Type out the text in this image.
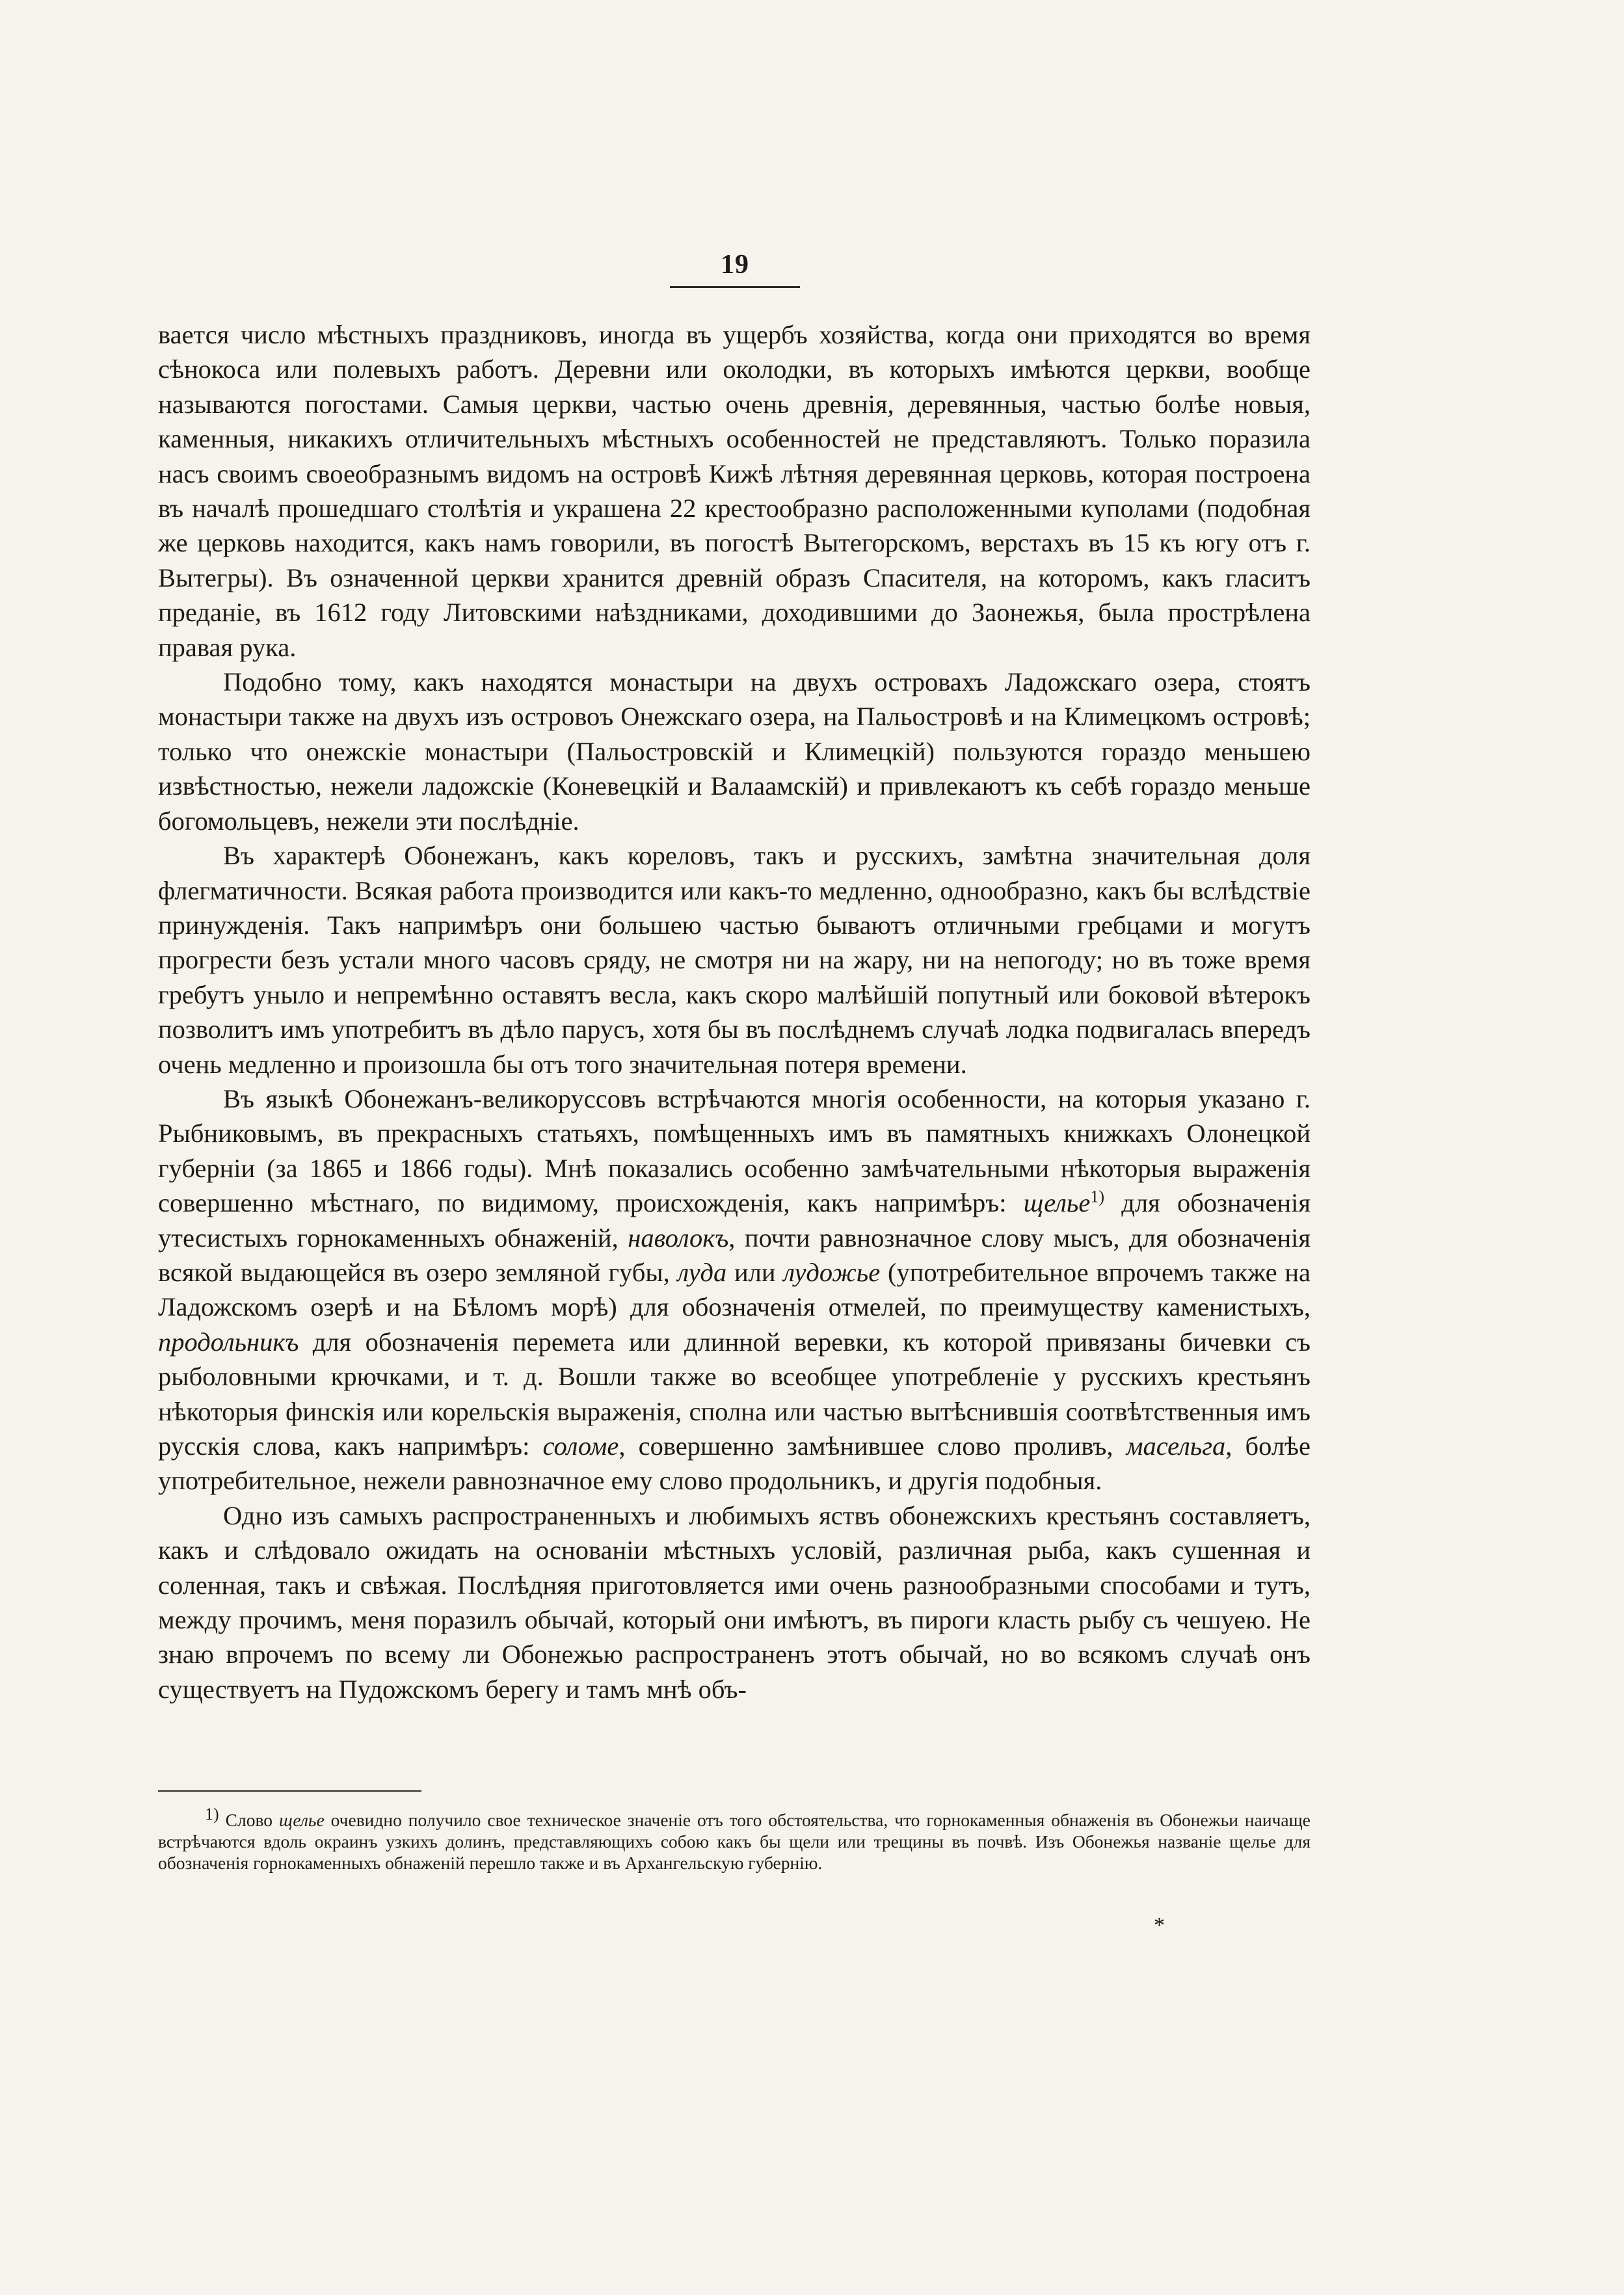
19

вается число мѣстныхъ праздниковъ, иногда въ ущербъ хозяйства, когда они приходятся во время сѣнокоса или полевыхъ работъ. Деревни или околодки, въ которыхъ имѣются церкви, вообще называются погостами. Самыя церкви, частью очень древнія, деревянныя, частью болѣе новыя, каменныя, никакихъ отличительныхъ мѣстныхъ особенностей не представляютъ. Только поразила насъ своимъ своеобразнымъ видомъ на островѣ Кижѣ лѣтняя деревянная церковь, которая построена въ началѣ прошедшаго столѣтія и украшена 22 крестообразно расположенными куполами (подобная же церковь находится, какъ намъ говорили, въ погостѣ Вытегорскомъ, верстахъ въ 15 къ югу отъ г. Вытегры). Въ означенной церкви хранится древній образъ Спасителя, на которомъ, какъ гласитъ преданіе, въ 1612 году Литовскими наѣздниками, доходившими до Заонежья, была прострѣлена правая рука.

Подобно тому, какъ находятся монастыри на двухъ островахъ Ладожскаго озера, стоятъ монастыри также на двухъ изъ островоъ Онежскаго озера, на Пальостровѣ и на Климецкомъ островѣ; только что онежскіе монастыри (Пальостровскій и Климецкій) пользуются гораздо меньшею извѣстностью, нежели ладожскіе (Коневецкій и Валаамскій) и привлекаютъ къ себѣ гораздо меньше богомольцевъ, нежели эти послѣдніе.

Въ характерѣ Обонежанъ, какъ кореловъ, такъ и русскихъ, замѣтна значительная доля флегматичности. Всякая работа производится или какъ-то медленно, однообразно, какъ бы вслѣдствіе принужденія. Такъ напримѣръ они большею частью бываютъ отличными гребцами и могутъ прогрести безъ устали много часовъ сряду, не смотря ни на жару, ни на непогоду; но въ тоже время гребутъ уныло и непремѣнно оставятъ весла, какъ скоро малѣйшій попутный или боковой вѣтерокъ позволитъ имъ употребитъ въ дѣло парусъ, хотя бы въ послѣднемъ случаѣ лодка подвигалась впередъ очень медленно и произошла бы отъ того значительная потеря времени.

Въ языкѣ Обонежанъ-великоруссовъ встрѣчаются многія особенности, на которыя указано г. Рыбниковымъ, въ прекрасныхъ статьяхъ, помѣщенныхъ имъ въ памятныхъ книжкахъ Олонецкой губерніи (за 1865 и 1866 годы). Мнѣ показались особенно замѣчательными нѣкоторыя выраженія совершенно мѣстнаго, по видимому, происхожденія, какъ напримѣръ: щелье$^{1)}$ для обозначенія утесистыхъ горнокаменныхъ обнаженій, наволокъ, почти равнозначное слову мысъ, для обозначенія всякой выдающейся въ озеро земляной губы, луда или лудожье (употребительное впрочемъ также на Ладожскомъ озерѣ и на Бѣломъ морѣ) для обозначенія отмелей, по преимуществу каменистыхъ, продольникъ для обозначенія перемета или длинной веревки, къ которой привязаны бичевки съ рыболовными крючками, и т. д. Вошли также во всеобщее употребленіе у русскихъ крестьянъ нѣкоторыя финскія или корельскія выраженія, сполна или частью вытѣснившія соотвѣтственныя имъ русскія слова, какъ напримѣръ: соломе, совершенно замѣнившее слово проливъ, масельга, болѣе употребительное, нежели равнозначное ему слово продольникъ, и другія подобныя.

Одно изъ самыхъ распространенныхъ и любимыхъ яствъ обонежскихъ крестьянъ составляетъ, какъ и слѣдовало ожидать на основаніи мѣстныхъ условій, различная рыба, какъ сушенная и соленная, такъ и свѣжая. Послѣдняя приготовляется ими очень разнообразными способами и тутъ, между прочимъ, меня поразилъ обычай, который они имѣютъ, въ пироги класть рыбу съ чешуею. Не знаю впрочемъ по всему ли Обонежью распространенъ этотъ обычай, но во всякомъ случаѣ онъ существуетъ на Пудожскомъ берегу и тамъ мнѣ объ-

1) Слово щелье очевидно получило свое техническое значеніе отъ того обстоятельства, что горнокаменныя обнаженія въ Обонежьи наичаще встрѣчаются вдоль окраинъ узкихъ долинъ, представляющихъ собою какъ бы щели или трещины въ почвѣ. Изъ Обонежья названіе щелье для обозначенія горнокаменныхъ обнаженій перешло также и въ Архангельскую губернію.

*
